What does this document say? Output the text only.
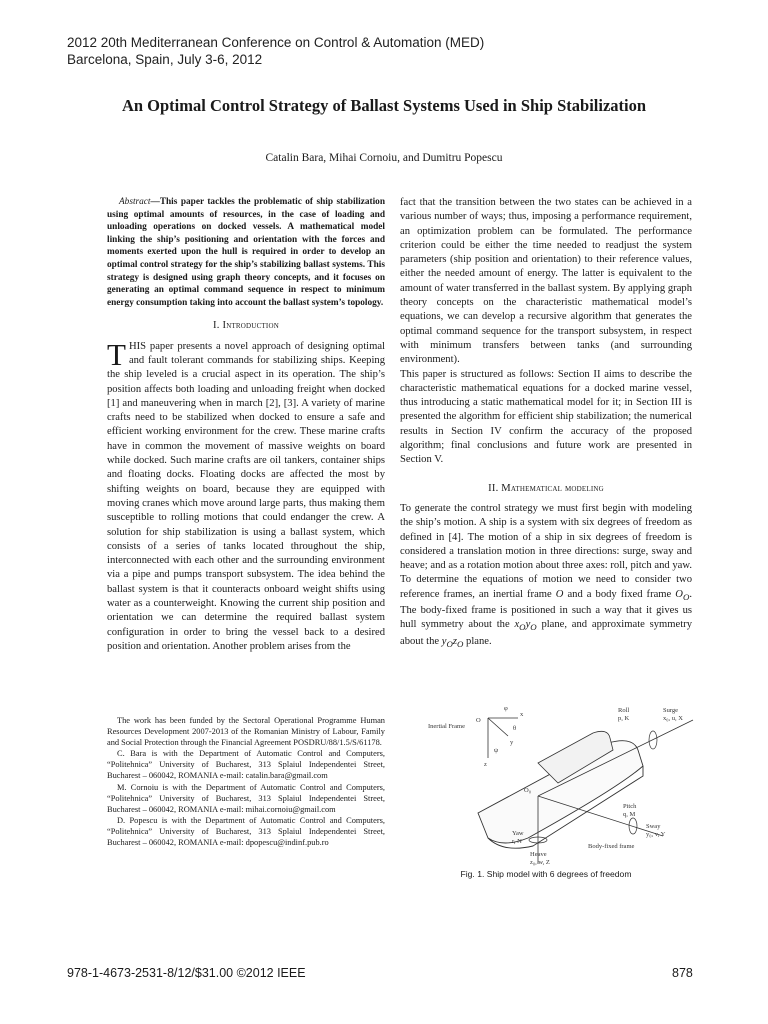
2012 20th Mediterranean Conference on Control & Automation (MED)
Barcelona, Spain, July 3-6, 2012
An Optimal Control Strategy of Ballast Systems Used in Ship Stabilization
Catalin Bara, Mihai Cornoiu, and Dumitru Popescu

Abstract—This paper tackles the problematic of ship stabilization using optimal amounts of resources, in the case of loading and unloading operations on docked vessels. A mathematical model linking the ship’s positioning and orientation with the forces and moments exerted upon the hull is required in order to develop an optimal control strategy for the ship’s stabilizing ballast systems. This strategy is designed using graph theory concepts, and it focuses on generating an optimal command sequence in respect to minimum energy consumption taking into account the ballast system’s topology.

I. Introduction

THIS paper presents a novel approach of designing optimal and fault tolerant commands for stabilizing ships. Keeping the ship leveled is a crucial aspect in its operation. The ship’s position affects both loading and unloading freight when docked [1] and maneuvering when in march [2], [3]. A variety of marine crafts need to be stabilized when docked to ensure a safe and efficient working environment for the crew. These marine crafts have in common the movement of massive weights on board while docked. Such marine crafts are oil tankers, container ships and floating docks. Floating docks are affected the most by shifting weights on board, because they are equipped with moving cranes which move around large parts, thus making them susceptible to rolling motions that could endanger the crew. A solution for ship stabilization is using a ballast system, which consists of a series of tanks located throughout the ship, interconnected with each other and the surrounding environment via a pipe and pumps transport subsystem. The idea behind the ballast system is that it counteracts onboard weight shifts using water as a counterweight. Knowing the current ship position and orientation we can determine the required ballast system configuration in order to bring the vessel back to a desired position and orientation. Another problem arises from the

The work has been funded by the Sectoral Operational Programme Human Resources Development 2007-2013 of the Romanian Ministry of Labour, Family and Social Protection through the Financial Agreement POSDRU/88/1.5/S/61178.

C. Bara is with the Department of Automatic Control and Computers, “Politehnica” University of Bucharest, 313 Splaiul Independentei Street, Bucharest – 060042, ROMANIA e-mail: catalin.bara@gmail.com

M. Cornoiu is with the Department of Automatic Control and Computers, “Politehnica” University of Bucharest, 313 Splaiul Independentei Street, Bucharest – 060042, ROMANIA e-mail: mihai.cornoiu@gmail.com

D. Popescu is with the Department of Automatic Control and Computers, “Politehnica” University of Bucharest, 313 Splaiul Independentei Street, Bucharest – 060042, ROMANIA e-mail: dpopescu@indinf.pub.ro

fact that the transition between the two states can be achieved in a various number of ways; thus, imposing a performance requirement, an optimization problem can be formulated. The performance criterion could be either the time needed to readjust the system parameters (ship position and orientation) to their reference values, either the needed amount of energy. The latter is equivalent to the amount of water transferred in the ballast system. By applying graph theory concepts on the characteristic mathematical model’s equations, we can develop a recursive algorithm that generates the optimal command sequence for the transport subsystem, in respect with minimum transfers between tanks (and surrounding environment).

This paper is structured as follows: Section II aims to describe the characteristic mathematical equations for a docked marine vessel, thus introducing a static mathematical model for it; in Section III is presented the algorithm for efficient ship stabilization; the numerical results in Section IV confirm the accuracy of the proposed algorithm; final conclusions and future work are presented in Section V.

II. Mathematical modeling

To generate the control strategy we must first begin with modeling the ship’s motion. A ship is a system with six degrees of freedom as defined in [4]. The motion of a ship in six degrees of freedom is considered a translation motion in three directions: surge, sway and heave; and as a rotation motion about three axes: roll, pitch and yaw. To determine the equations of motion we need to consider two reference frames, an inertial frame O and a body fixed frame $O_O$. The body-fixed frame is positioned in such a way that it gives us hull symmetry about the $x_Oy_O$ plane, and approximate symmetry about the $y_Oz_O$ plane.

Inertial Frame
O
x
y
z
φ
θ
ψ
Roll
p, K
Surge
x₀, u, X
O₀
Pitch
q, M
Sway
y₀, v, Y
Yaw
r, N
Body-fixed frame
Heave
z₀, w, Z
Fig. 1. Ship model with 6 degrees of freedom
978-1-4673-2531-8/12/$31.00 ©2012 IEEE	878
